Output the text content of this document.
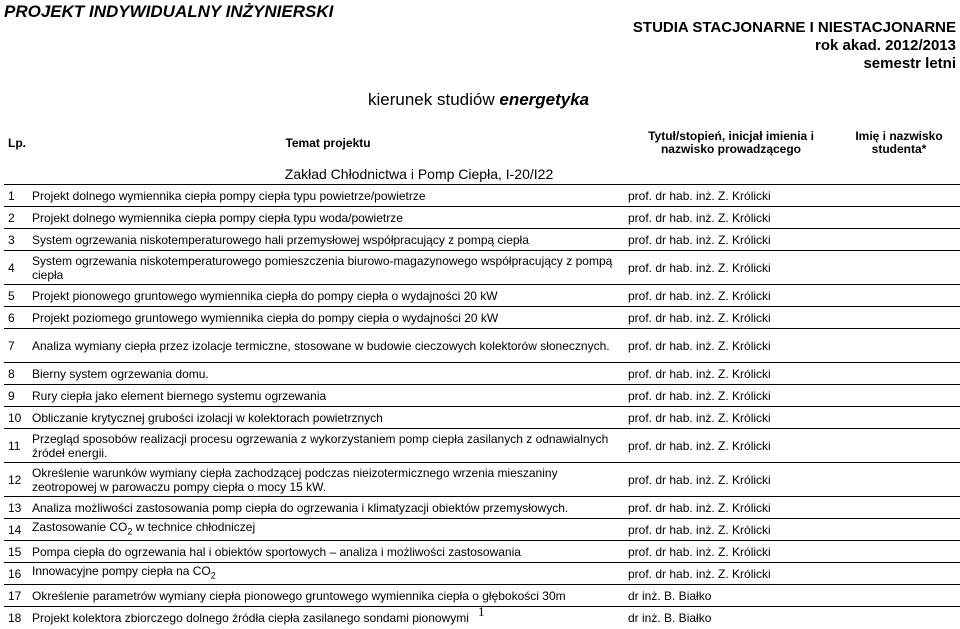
PROJEKT INDYWIDUALNY INŻYNIERSKI
STUDIA STACJONARNE I NIESTACJONARNE
rok akad. 2012/2013
semestr letni
kierunek studiów energetyka
Lp.	Temat projektu	Tytuł/stopień, inicjał imienia i nazwisko prowadzącego	Imię i nazwisko studenta*
Zakład Chłodnictwa i Pomp Ciepła, I-20/I22			
1	Projekt dolnego wymiennika ciepła pompy ciepła typu powietrze/powietrze	prof. dr hab. inż. Z. Królicki	
2	Projekt dolnego wymiennika ciepła pompy ciepła typu woda/powietrze	prof. dr hab. inż. Z. Królicki	
3	System ogrzewania niskotemperaturowego hali przemysłowej współpracujący z pompą ciepła	prof. dr hab. inż. Z. Królicki	
4	System ogrzewania niskotemperaturowego pomieszczenia biurowo-magazynowego współpracujący z pompą ciepła	prof. dr hab. inż. Z. Królicki	
5	Projekt pionowego gruntowego wymiennika ciepła do pompy ciepła o wydajności 20 kW	prof. dr hab. inż. Z. Królicki	
6	Projekt poziomego gruntowego wymiennika ciepła do pompy ciepła o wydajności 20 kW	prof. dr hab. inż. Z. Królicki	
7	Analiza wymiany ciepła przez izolacje termiczne, stosowane w budowie cieczowych kolektorów słonecznych.	prof. dr hab. inż. Z. Królicki	
8	Bierny system ogrzewania domu.	prof. dr hab. inż. Z. Królicki	
9	Rury ciepła jako element biernego systemu ogrzewania	prof. dr hab. inż. Z. Królicki	
10	Obliczanie krytycznej grubości izolacji w kolektorach powietrznych	prof. dr hab. inż. Z. Królicki	
11	Przegląd sposobów realizacji procesu ogrzewania z wykorzystaniem pomp ciepła zasilanych z odnawialnych źródeł energii.	prof. dr hab. inż. Z. Królicki	
12	Określenie warunków wymiany ciepła zachodzącej podczas nieizotermicznego wrzenia mieszaniny zeotropowej w parowaczu pompy ciepła o mocy 15 kW.	prof. dr hab. inż. Z. Królicki	
13	Analiza możliwości zastosowania pomp ciepła do ogrzewania i klimatyzacji obiektów przemysłowych.	prof. dr hab. inż. Z. Królicki	
14	Zastosowanie $CO_2$ w technice chłodniczej	prof. dr hab. inż. Z. Królicki	
15	Pompa ciepła do ogrzewania hal i obiektów sportowych – analiza i możliwości zastosowania	prof. dr hab. inż. Z. Królicki	
16	Innowacyjne pompy ciepła na $CO_2$	prof. dr hab. inż. Z. Królicki	
17	Określenie parametrów wymiany ciepła pionowego gruntowego wymiennika ciepła o głębokości 30m	dr inż. B. Białko	
18	Projekt kolektora zbiorczego dolnego źródła ciepła zasilanego sondami pionowymi	dr inż. B. Białko	
1
